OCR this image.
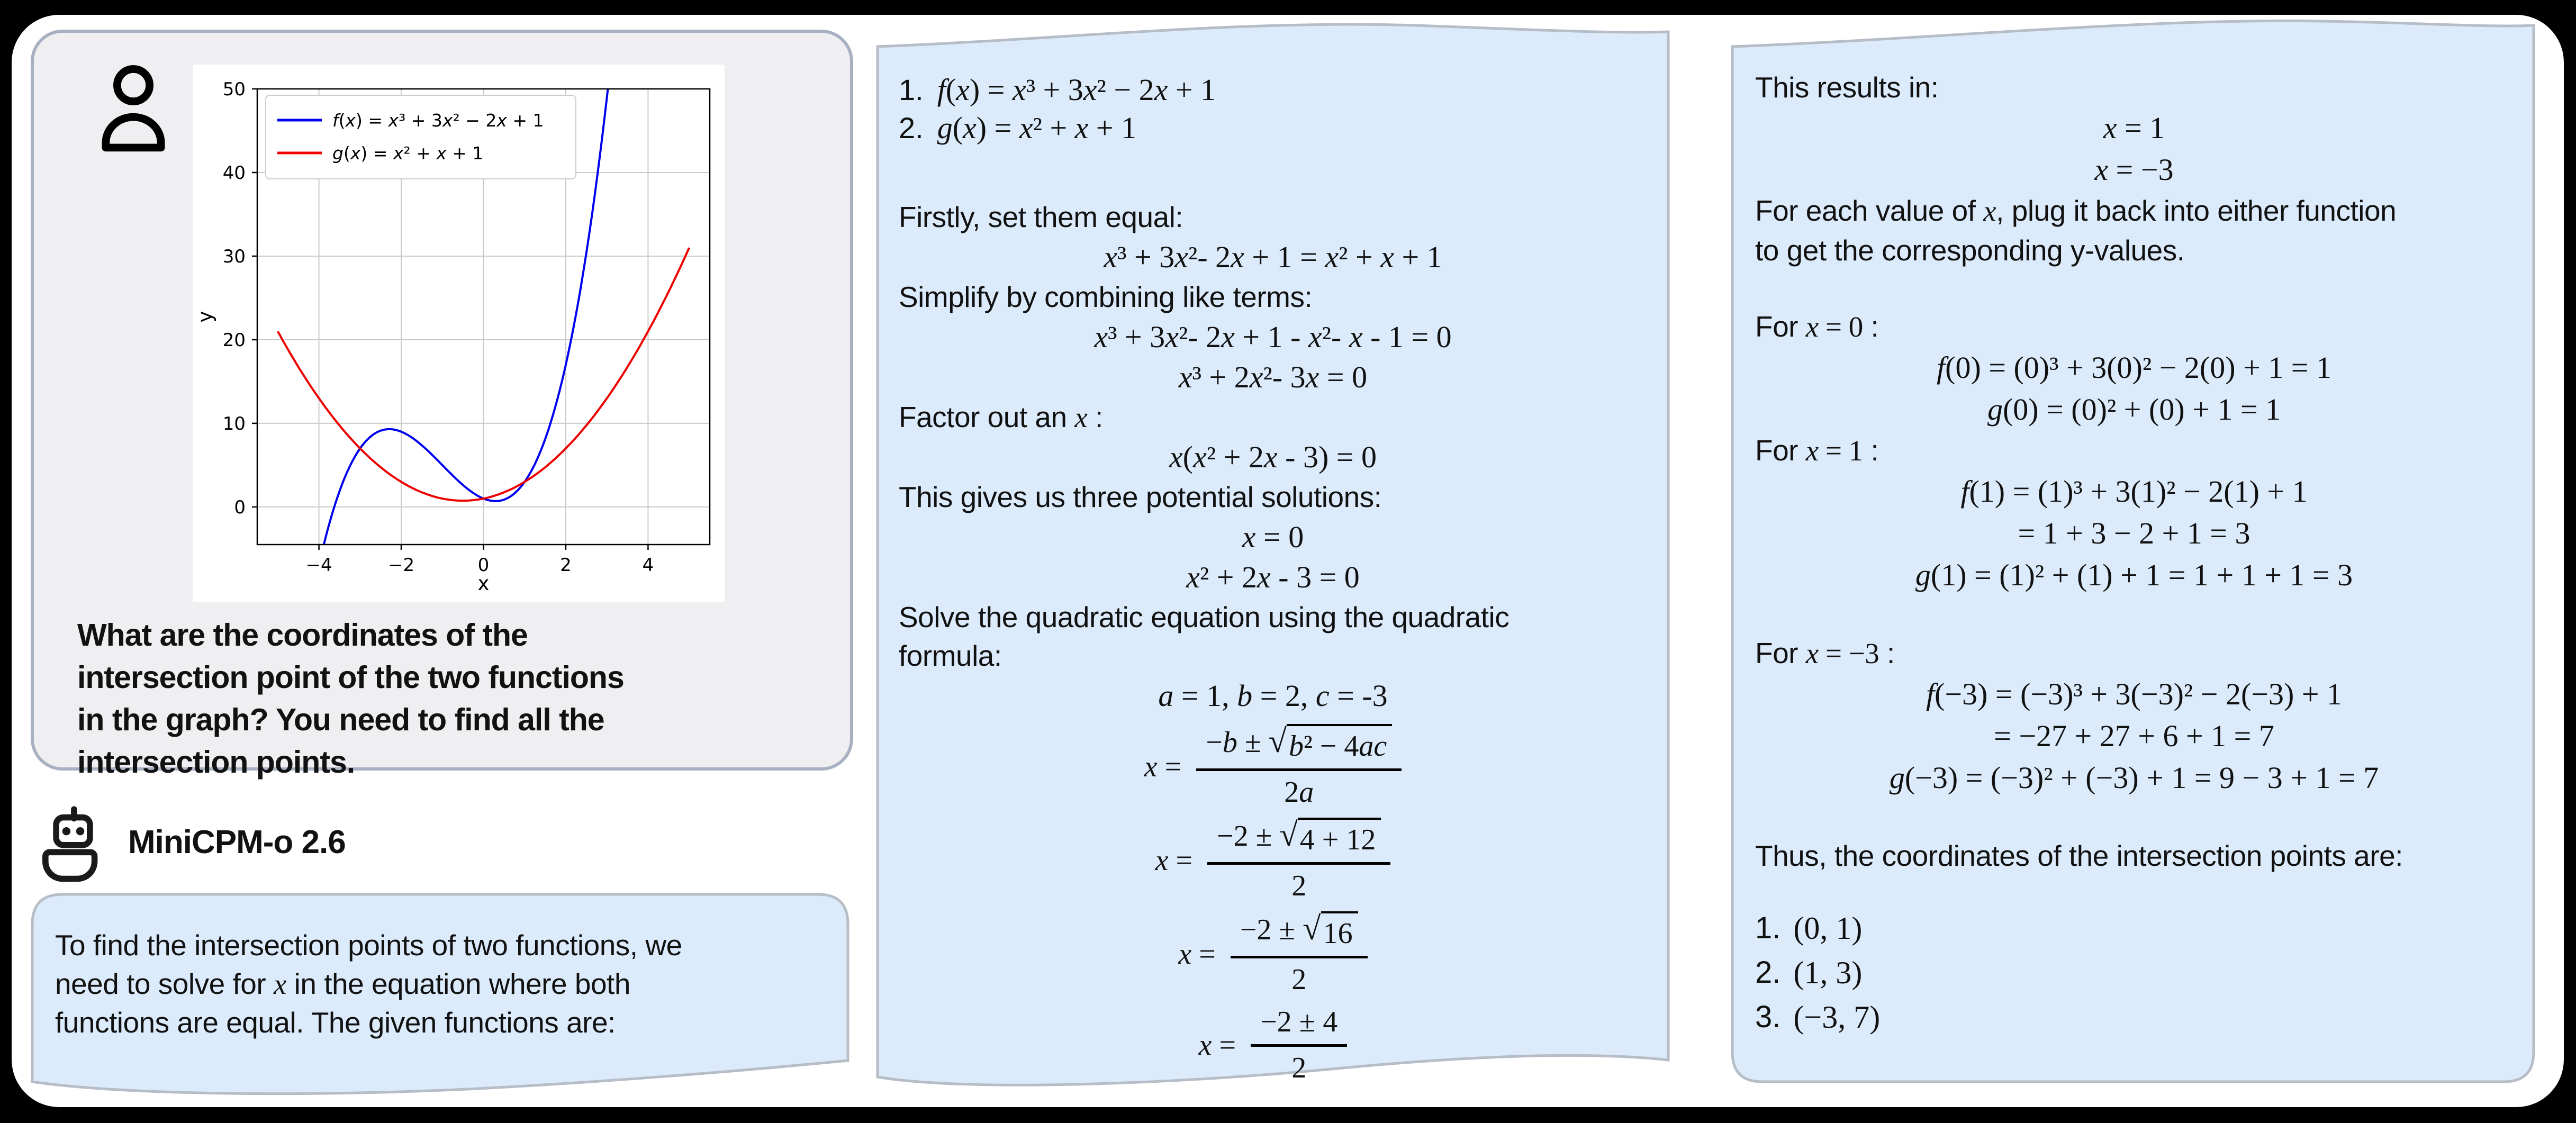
−4	−2	0	2	4
0
10
20
30
40
50
x
y
f(x) = x³ + 3x² − 2x + 1
g(x) = x² + x + 1
What are the coordinates of the
intersection point of the two functions
in the graph? You need to find all the
intersection points.
MiniCPM-o 2.6
To find the intersection points of two functions, we
need to solve for x in the equation where both
functions are equal. The given functions are:
1. f(x) = x³ + 3x² − 2x + 1
2. g(x) = x² + x + 1
Firstly, set them equal:
x³ + 3x²- 2x + 1 = x² + x + 1
Simplify by combining like terms:
x³ + 3x²- 2x + 1 - x²- x - 1 = 0
x³ + 2x²- 3x = 0
Factor out an x :
x(x² + 2x - 3) = 0
This gives us three potential solutions:
x = 0
x² + 2x - 3 = 0
Solve the quadratic equation using the quadratic
formula:
a = 1, b = 2, c = -3
$x = \frac{\text{−b ± √ b² − 4ac}}{2a}$
$x = \frac{-2 \pm √ 4 + 12}{2}$
$x = \frac{-2 \pm √ 16}{2}$
$x = \frac{-2 \pm 4}{2}$
This results in:
x = 1
x = −3
For each value of x, plug it back into either function
to get the corresponding y-values.
For x = 0 :
f(0) = (0)³ + 3(0)² − 2(0) + 1 = 1
g(0) = (0)² + (0) + 1 = 1
For x = 1 :
f(1) = (1)³ + 3(1)² − 2(1) + 1
= 1 + 3 − 2 + 1 = 3
g(1) = (1)² + (1) + 1 = 1 + 1 + 1 = 3
For x = −3 :
f(−3) = (−3)³ + 3(−3)² − 2(−3) + 1
= −27 + 27 + 6 + 1 = 7
g(−3) = (−3)² + (−3) + 1 = 9 − 3 + 1 = 7
Thus, the coordinates of the intersection points are:
1. (0, 1)
2. (1, 3)
3. (−3, 7)
